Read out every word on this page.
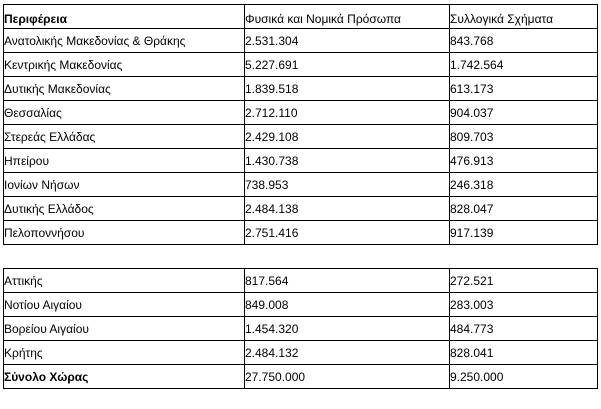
Περιφέρεια	Φυσικά και Νομικά Πρόσωπα	Συλλογικά Σχήματα
Ανατολικής Μακεδονίας & Θράκης	2.531.304	843.768
Κεντρικής Μακεδονίας	5.227.691	1.742.564
Δυτικής Μακεδονίας	1.839.518	613.173
Θεσσαλίας	2.712.110	904.037
Στερεάς Ελλάδας	2.429.108	809.703
Ηπείρου	1.430.738	476.913
Ιονίων Νήσων	738.953	246.318
Δυτικής Ελλάδος	2.484.138	828.047
Πελοποννήσου	2.751.416	917.139
Αττικής	817.564	272.521
Νοτίου Αιγαίου	849.008	283.003
Βορείου Αιγαίου	1.454.320	484.773
Κρήτης	2.484.132	828.041
Σύνολο Χώρας	27.750.000	9.250.000
